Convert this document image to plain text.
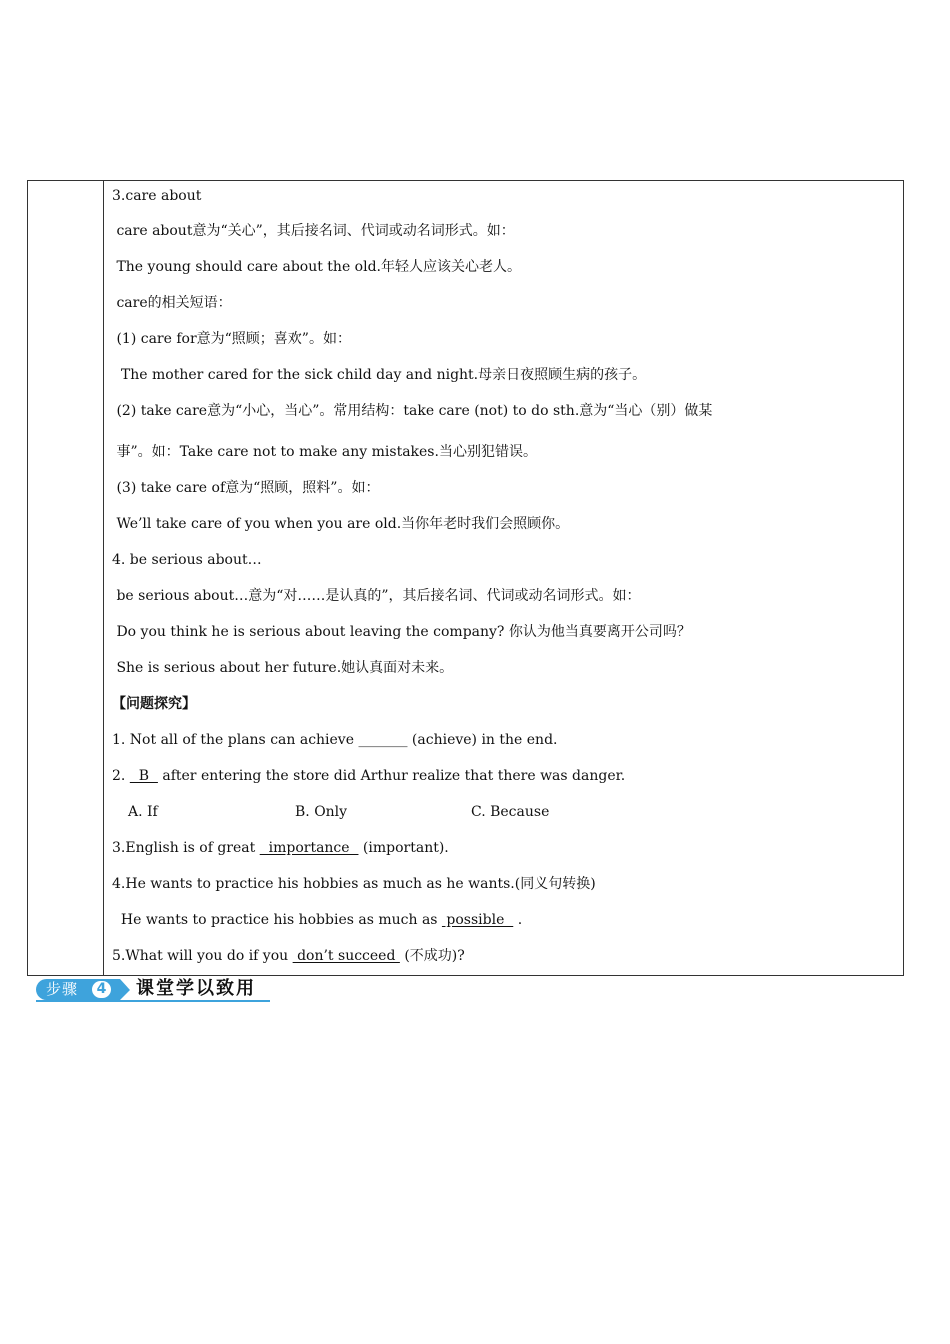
3.care about
care about意为“关心”，其后接名词、代词或动名词形式。如：
The young should care about the old.年轻人应该关心老人。
care的相关短语：
(1) care for意为“照顾；喜欢”。如：
The mother cared for the sick child day and night.母亲日夜照顾生病的孩子。
(2) take care意为“小心，当心”。常用结构：take care (not) to do sth.意为“当心（别）做某
事”。如：Take care not to make any mistakes.当心别犯错误。
(3) take care of意为“照顾，照料”。如：
We’ll take care of you when you are old.当你年老时我们会照顾你。
4. be serious about…
be serious about…意为“对……是认真的”，其后接名词、代词或动名词形式。如：
Do you think he is serious about leaving the company? 你认为他当真要离开公司吗？
She is serious about her future.她认真面对未来。
【问题探究】
1. Not all of the plans can achieve _______ (achieve) in the end.
2.   B   after entering the store did Arthur realize that there was danger.
A. If	B. Only	C. Because
3.English is of great   importance   (important).
4.He wants to practice his hobbies as much as he wants.(同义句转换)
He wants to practice his hobbies as much as  possible   .
5.What will you do if you  don’t succeed  (不成功)?
步骤	4 课堂学以致用
